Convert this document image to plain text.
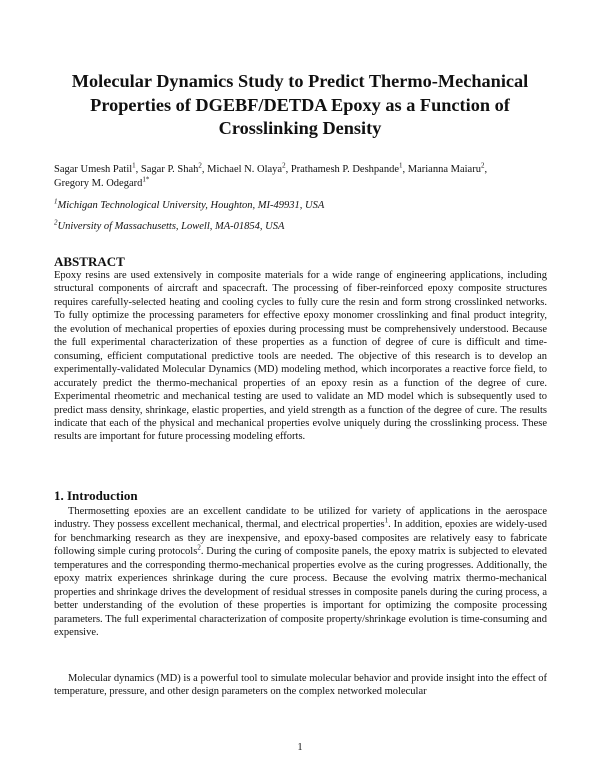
Molecular Dynamics Study to Predict Thermo-Mechanical Properties of DGEBF/DETDA Epoxy as a Function of Crosslinking Density
Sagar Umesh Patil$^1$, Sagar P. Shah$^2$, Michael N. Olaya$^2$, Prathamesh P. Deshpande$^1$, Marianna Maiaru$^2$,
Gregory M. Odegard$^{1*}$
$^1$Michigan Technological University, Houghton, MI-49931, USA
$^2$University of Massachusetts, Lowell, MA-01854, USA
ABSTRACT

Epoxy resins are used extensively in composite materials for a wide range of engineering applications, including structural components of aircraft and spacecraft. The processing of fiber-reinforced epoxy composite structures requires carefully-selected heating and cooling cycles to fully cure the resin and form strong crosslinked networks. To fully optimize the processing parameters for effective epoxy monomer crosslinking and final product integrity, the evolution of mechanical properties of epoxies during processing must be comprehensively understood. Because the full experimental characterization of these properties as a function of degree of cure is difficult and time-consuming, efficient computational predictive tools are needed. The objective of this research is to develop an experimentally-validated Molecular Dynamics (MD) modeling method, which incorporates a reactive force field, to accurately predict the thermo-mechanical properties of an epoxy resin as a function of the degree of cure. Experimental rheometric and mechanical testing are used to validate an MD model which is subsequently used to predict mass density, shrinkage, elastic properties, and yield strength as a function of the degree of cure. The results indicate that each of the physical and mechanical properties evolve uniquely during the crosslinking process. These results are important for future processing modeling efforts.

1. Introduction

Thermosetting epoxies are an excellent candidate to be utilized for variety of applications in the aerospace industry. They possess excellent mechanical, thermal, and electrical properties$^1$. In addition, epoxies are widely-used for benchmarking research as they are inexpensive, and epoxy-based composites are relatively easy to fabricate following simple curing protocols$^2$. During the curing of composite panels, the epoxy matrix is subjected to elevated temperatures and the corresponding thermo-mechanical properties evolve as the curing progresses. Additionally, the epoxy matrix experiences shrinkage during the cure process. Because the evolving matrix thermo-mechanical properties and shrinkage drives the development of residual stresses in composite panels during the curing process, a better understanding of the evolution of these properties is important for optimizing the composite processing parameters. The full experimental characterization of composite property/shrinkage evolution is time-consuming and expensive.

Molecular dynamics (MD) is a powerful tool to simulate molecular behavior and provide insight into the effect of temperature, pressure, and other design parameters on the complex networked molecular

1
